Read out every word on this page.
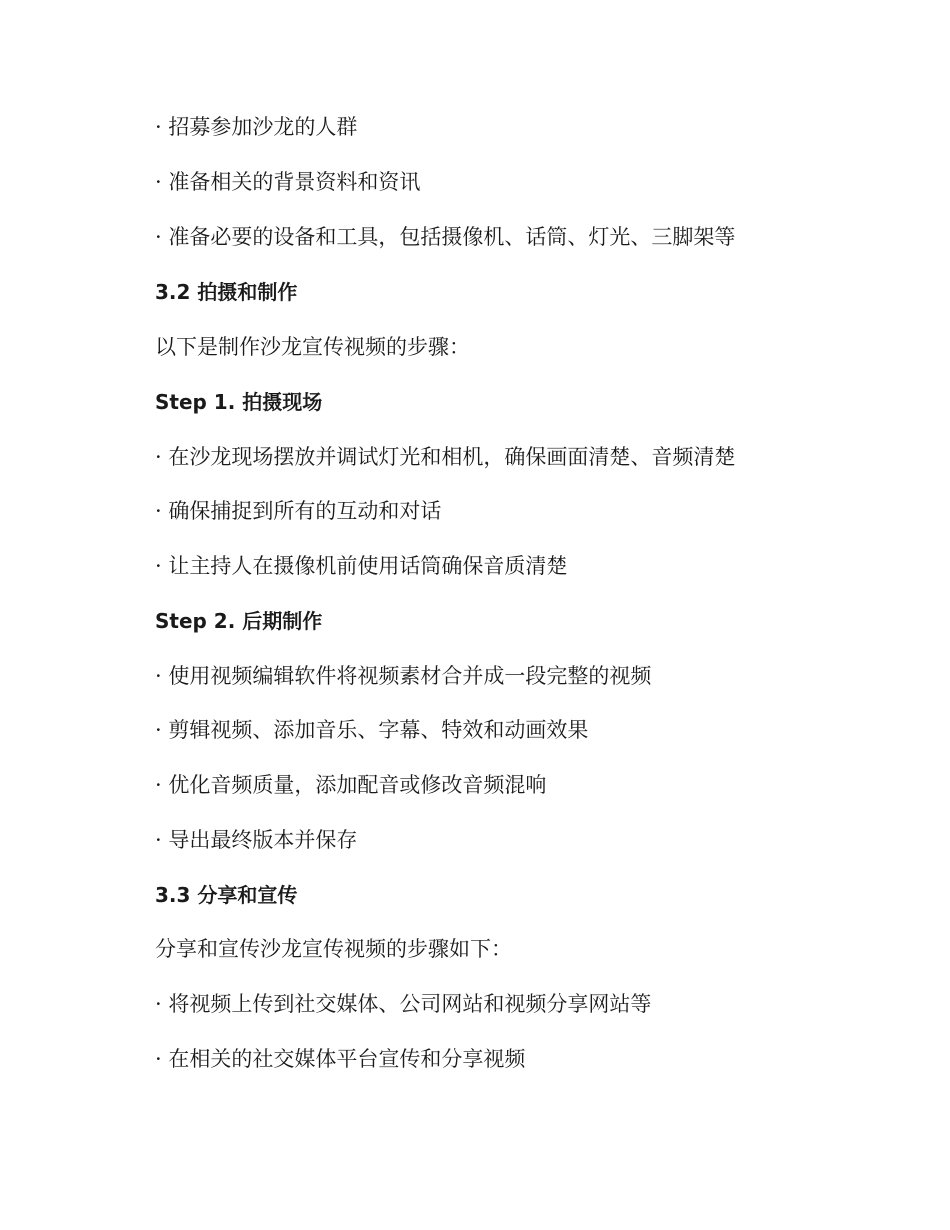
· 招募参加沙龙的人群
· 准备相关的背景资料和资讯
· 准备必要的设备和工具，包括摄像机、话筒、灯光、三脚架等
3.2 拍摄和制作
以下是制作沙龙宣传视频的步骤：
Step 1. 拍摄现场
· 在沙龙现场摆放并调试灯光和相机，确保画面清楚、音频清楚
· 确保捕捉到所有的互动和对话
· 让主持人在摄像机前使用话筒确保音质清楚
Step 2. 后期制作
· 使用视频编辑软件将视频素材合并成一段完整的视频
· 剪辑视频、添加音乐、字幕、特效和动画效果
· 优化音频质量，添加配音或修改音频混响
· 导出最终版本并保存
3.3 分享和宣传
分享和宣传沙龙宣传视频的步骤如下：
· 将视频上传到社交媒体、公司网站和视频分享网站等
· 在相关的社交媒体平台宣传和分享视频
